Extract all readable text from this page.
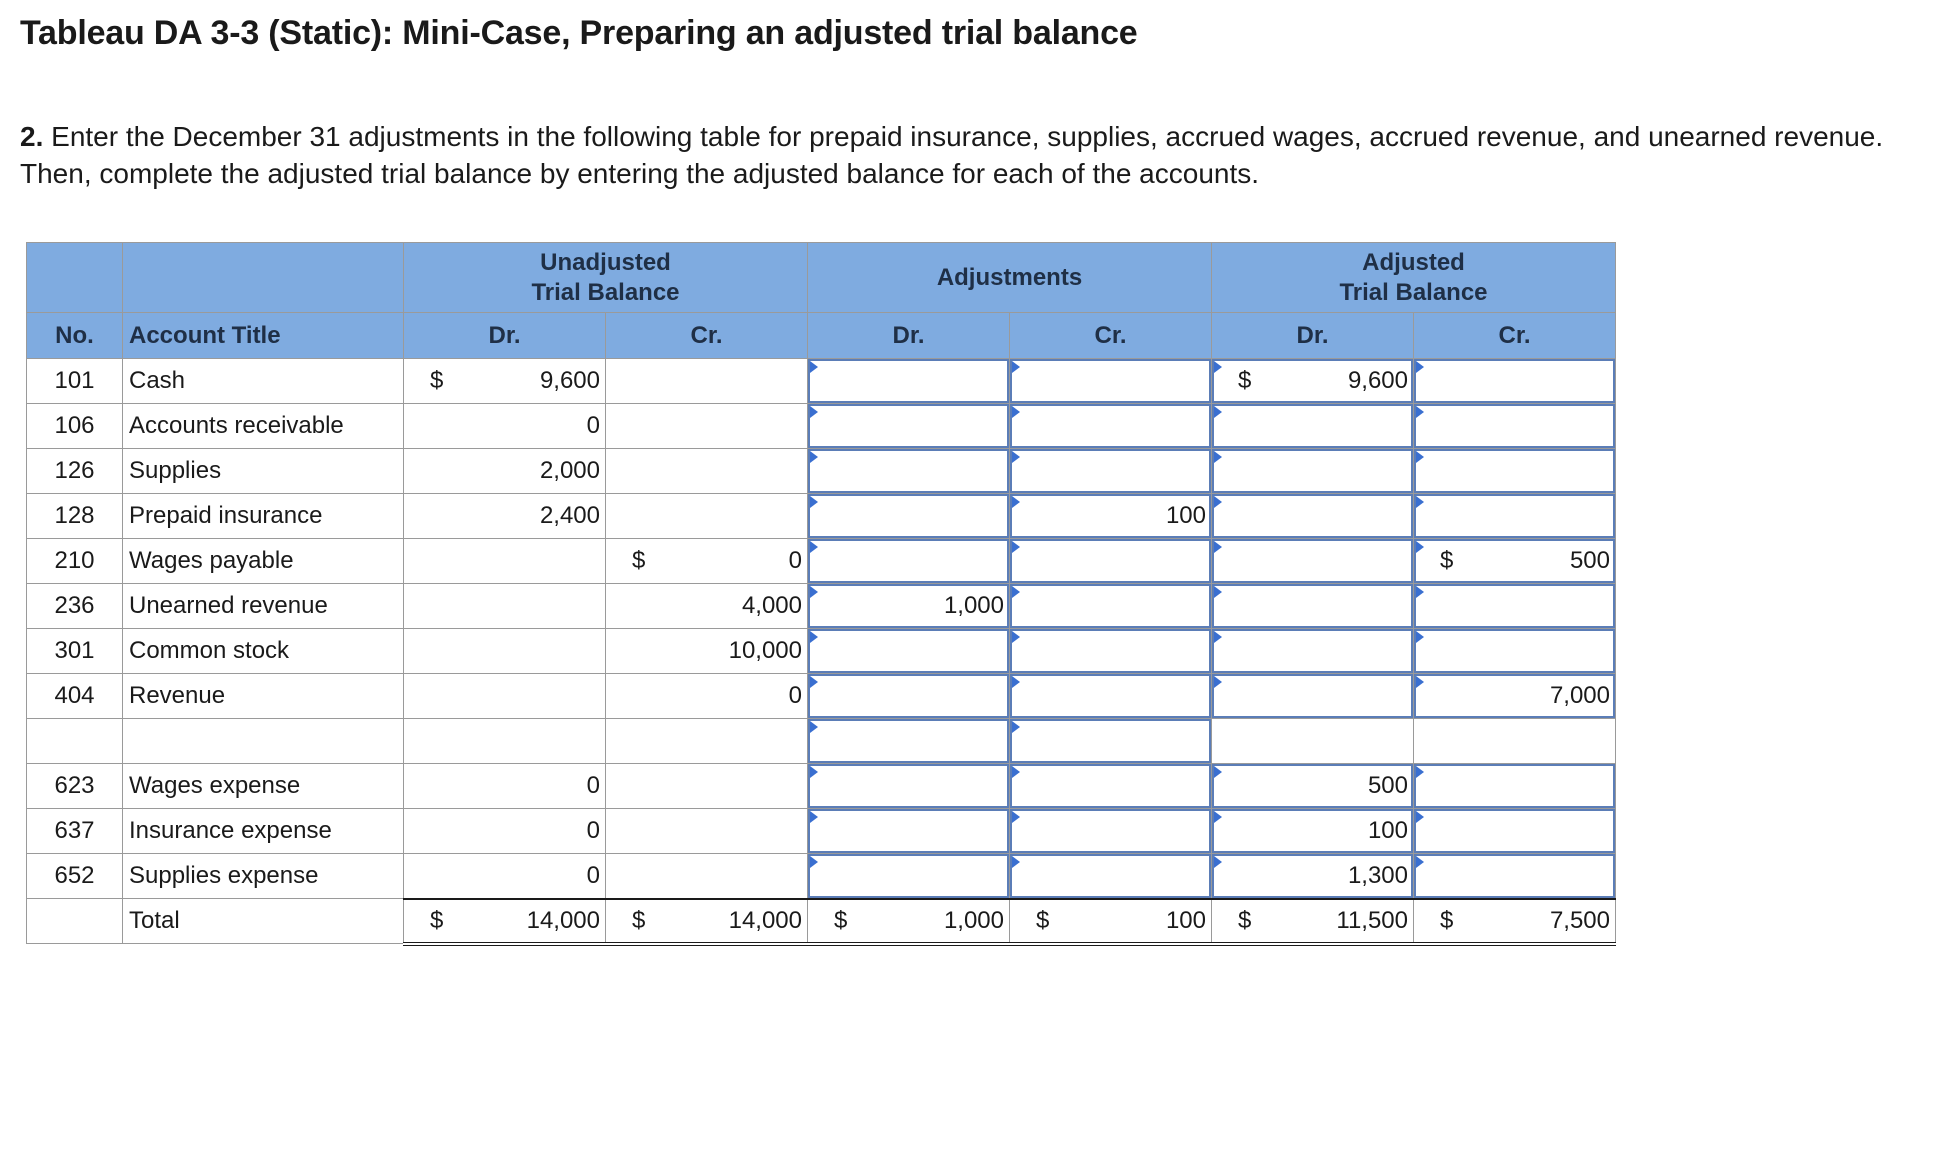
Tableau DA 3-3 (Static): Mini-Case, Preparing an adjusted trial balance
2. Enter the December 31 adjustments in the following table for prepaid insurance, supplies, accrued wages, accrued revenue, and unearned revenue. Then, complete the adjusted trial balance by entering the adjusted balance for each of the accounts.
		Unadjusted
Trial Balance		Adjustments		Adjusted
Trial Balance	
No.	Account Title	Dr.	Cr.	Dr.	Cr.	Dr.	Cr.
101	Cash	$ 9,600				$ 9,600	
106	Accounts receivable	0					
126	Supplies	2,000					
128	Prepaid insurance	2,400			100		
210	Wages payable		$ 0				$ 500
236	Unearned revenue		4,000	1,000			
301	Common stock		10,000				
404	Revenue		0				7,000

623	Wages expense	0				500	
637	Insurance expense	0				100	
652	Supplies expense	0				1,300	
	Total	$ 14,000	$ 14,000	$ 1,000	$ 100	$ 11,500	$ 7,500
